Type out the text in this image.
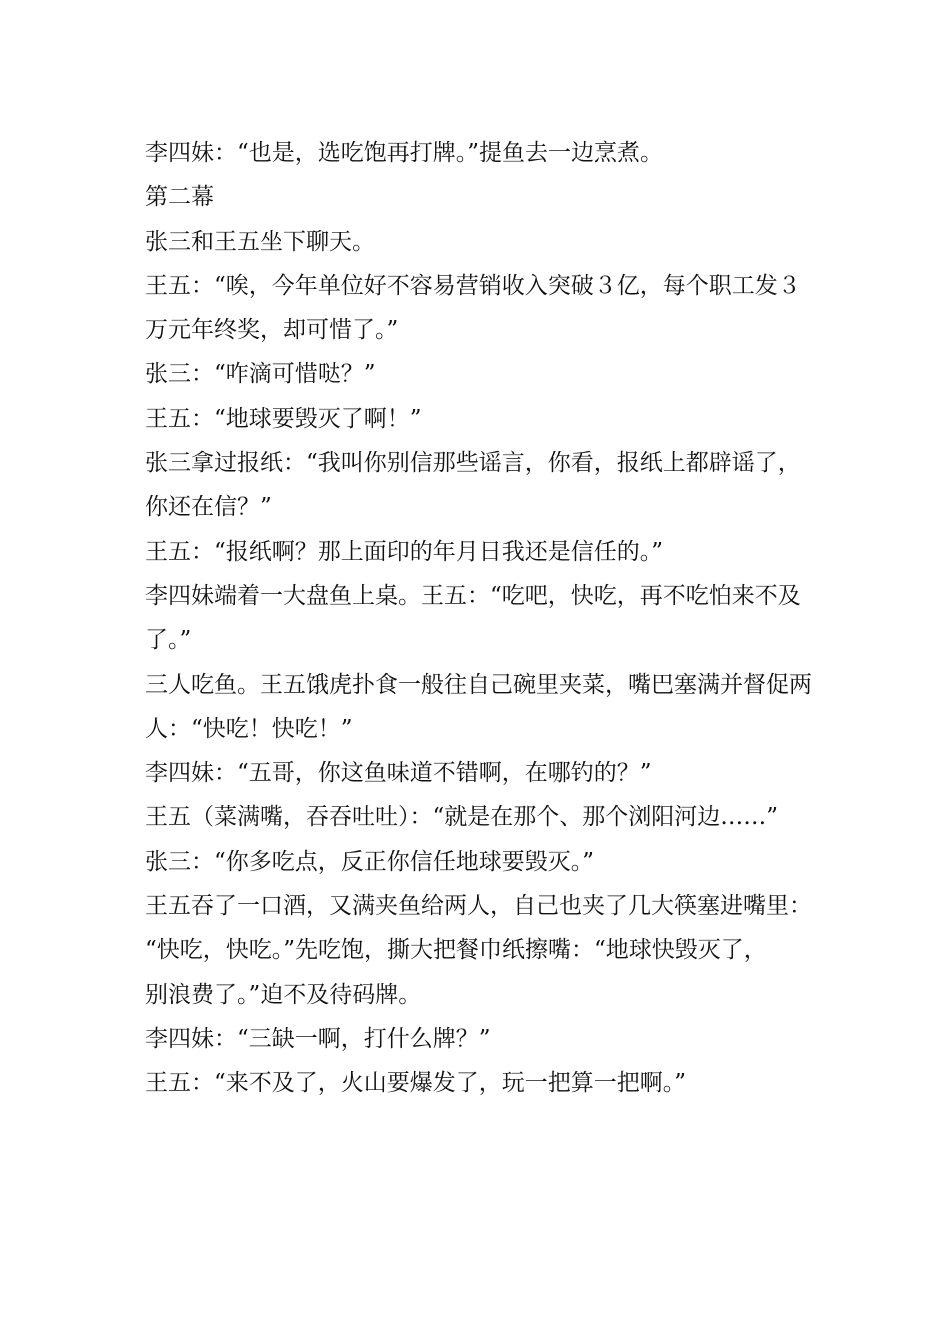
李四妹：“也是，选吃饱再打牌。”提鱼去一边烹煮。
第二幕
张三和王五坐下聊天。
王五：“唉，今年单位好不容易营销收入突破３亿，每个职工发３
万元年终奖，却可惜了。”
张三：“咋滴可惜哒？”
王五：“地球要毁灭了啊！”
张三拿过报纸：“我叫你别信那些谣言，你看，报纸上都辟谣了，
你还在信？”
王五：“报纸啊？那上面印的年月日我还是信任的。”
李四妹端着一大盘鱼上桌。王五：“吃吧，快吃，再不吃怕来不及
了。”
三人吃鱼。王五饿虎扑食一般往自己碗里夹菜，嘴巴塞满并督促两
人：“快吃！快吃！”
李四妹：“五哥，你这鱼味道不错啊，在哪钓的？”
王五（菜满嘴，吞吞吐吐）：“就是在那个、那个浏阳河边……”
张三：“你多吃点，反正你信任地球要毁灭。”
王五吞了一口酒，又满夹鱼给两人，自己也夹了几大筷塞进嘴里：
“快吃，快吃。”先吃饱，撕大把餐巾纸擦嘴：“地球快毁灭了，
别浪费了。”迫不及待码牌。
李四妹：“三缺一啊，打什么牌？”
王五：“来不及了，火山要爆发了，玩一把算一把啊。”
